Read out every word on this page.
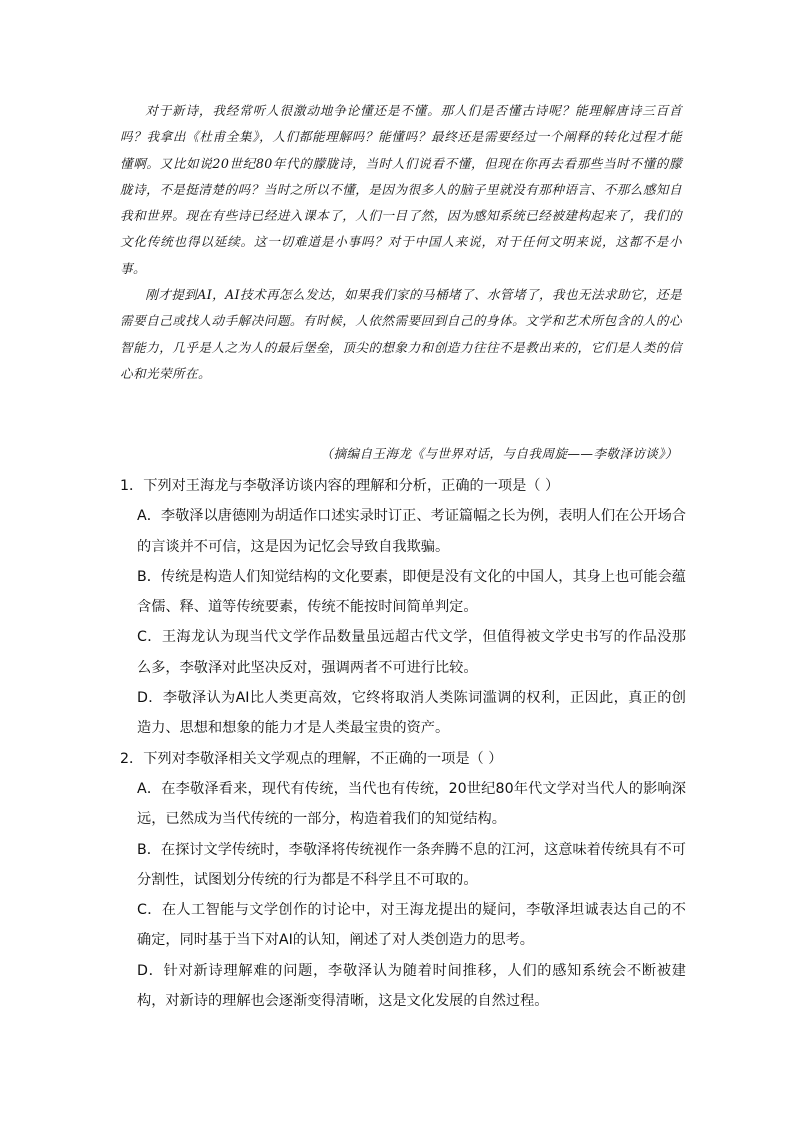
对于新诗，我经常听人很激动地争论懂还是不懂。那人们是否懂古诗呢？能理解唐诗三百首吗？我拿出《杜甫全集》，人们都能理解吗？能懂吗？最终还是需要经过一个阐释的转化过程才能懂啊。又比如说20世纪80年代的朦胧诗，当时人们说看不懂，但现在你再去看那些当时不懂的朦胧诗，不是挺清楚的吗？当时之所以不懂，是因为很多人的脑子里就没有那种语言、不那么感知自我和世界。现在有些诗已经进入课本了，人们一目了然，因为感知系统已经被建构起来了，我们的文化传统也得以延续。这一切难道是小事吗？对于中国人来说，对于任何文明来说，这都不是小事。

刚才提到AI，AI技术再怎么发达，如果我们家的马桶堵了、水管堵了，我也无法求助它，还是需要自己或找人动手解决问题。有时候，人依然需要回到自己的身体。文学和艺术所包含的人的心智能力，几乎是人之为人的最后堡垒，顶尖的想象力和创造力往往不是教出来的，它们是人类的信心和光荣所在。

（摘编自王海龙《与世界对话，与自我周旋——李敬泽访谈》）

1．下列对王海龙与李敬泽访谈内容的理解和分析，正确的一项是（ ）

A．李敬泽以唐德刚为胡适作口述实录时订正、考证篇幅之长为例，表明人们在公开场合的言谈并不可信，这是因为记忆会导致自我欺骗。
B．传统是构造人们知觉结构的文化要素，即便是没有文化的中国人，其身上也可能会蕴含儒、释、道等传统要素，传统不能按时间简单判定。
C．王海龙认为现当代文学作品数量虽远超古代文学，但值得被文学史书写的作品没那么多，李敬泽对此坚决反对，强调两者不可进行比较。
D．李敬泽认为AI比人类更高效，它终将取消人类陈词滥调的权利，正因此，真正的创造力、思想和想象的能力才是人类最宝贵的资产。

2．下列对李敬泽相关文学观点的理解，不正确的一项是（ ）

A．在李敬泽看来，现代有传统，当代也有传统，20世纪80年代文学对当代人的影响深远，已然成为当代传统的一部分，构造着我们的知觉结构。
B．在探讨文学传统时，李敬泽将传统视作一条奔腾不息的江河，这意味着传统具有不可分割性，试图划分传统的行为都是不科学且不可取的。
C．在人工智能与文学创作的讨论中，对王海龙提出的疑问，李敬泽坦诚表达自己的不确定，同时基于当下对AI的认知，阐述了对人类创造力的思考。
D．针对新诗理解难的问题，李敬泽认为随着时间推移，人们的感知系统会不断被建构，对新诗的理解也会逐渐变得清晰，这是文化发展的自然过程。
